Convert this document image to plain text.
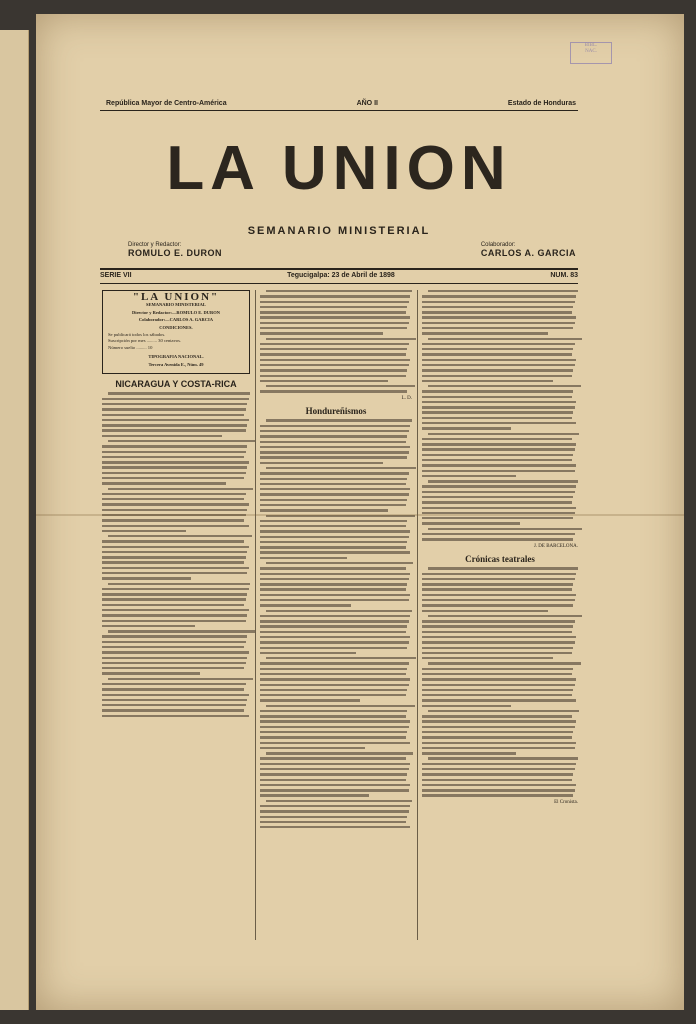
BIBL.
NAC.
República Mayor de Centro-América	AÑO II	Estado de Honduras
LA UNION
SEMANARIO MINISTERIAL
Director y Redactor:
ROMULO E. DURON
Colaborador:
CARLOS A. GARCIA
SERIE VII	Tegucigalpa: 23 de Abril de 1898	NUM. 83
"LA UNION"
SEMANARIO MINISTERIAL
Director y Redactor:—ROMULO E. DURON
Colaborador:—CARLOS A. GARCIA
CONDICIONES.

Se publicará todos los sábados.

Suscripción por mes ......... 30 centavos.

Número suelto ......... 10

TIPOGRAFIA NACIONAL.
Tercera Avenida E., Núm. 49
NICARAGUA Y COSTA-RICA
L. D.
Hondureñismos
J. DE BARCELONA.
Crónicas teatrales
El Cronista.
